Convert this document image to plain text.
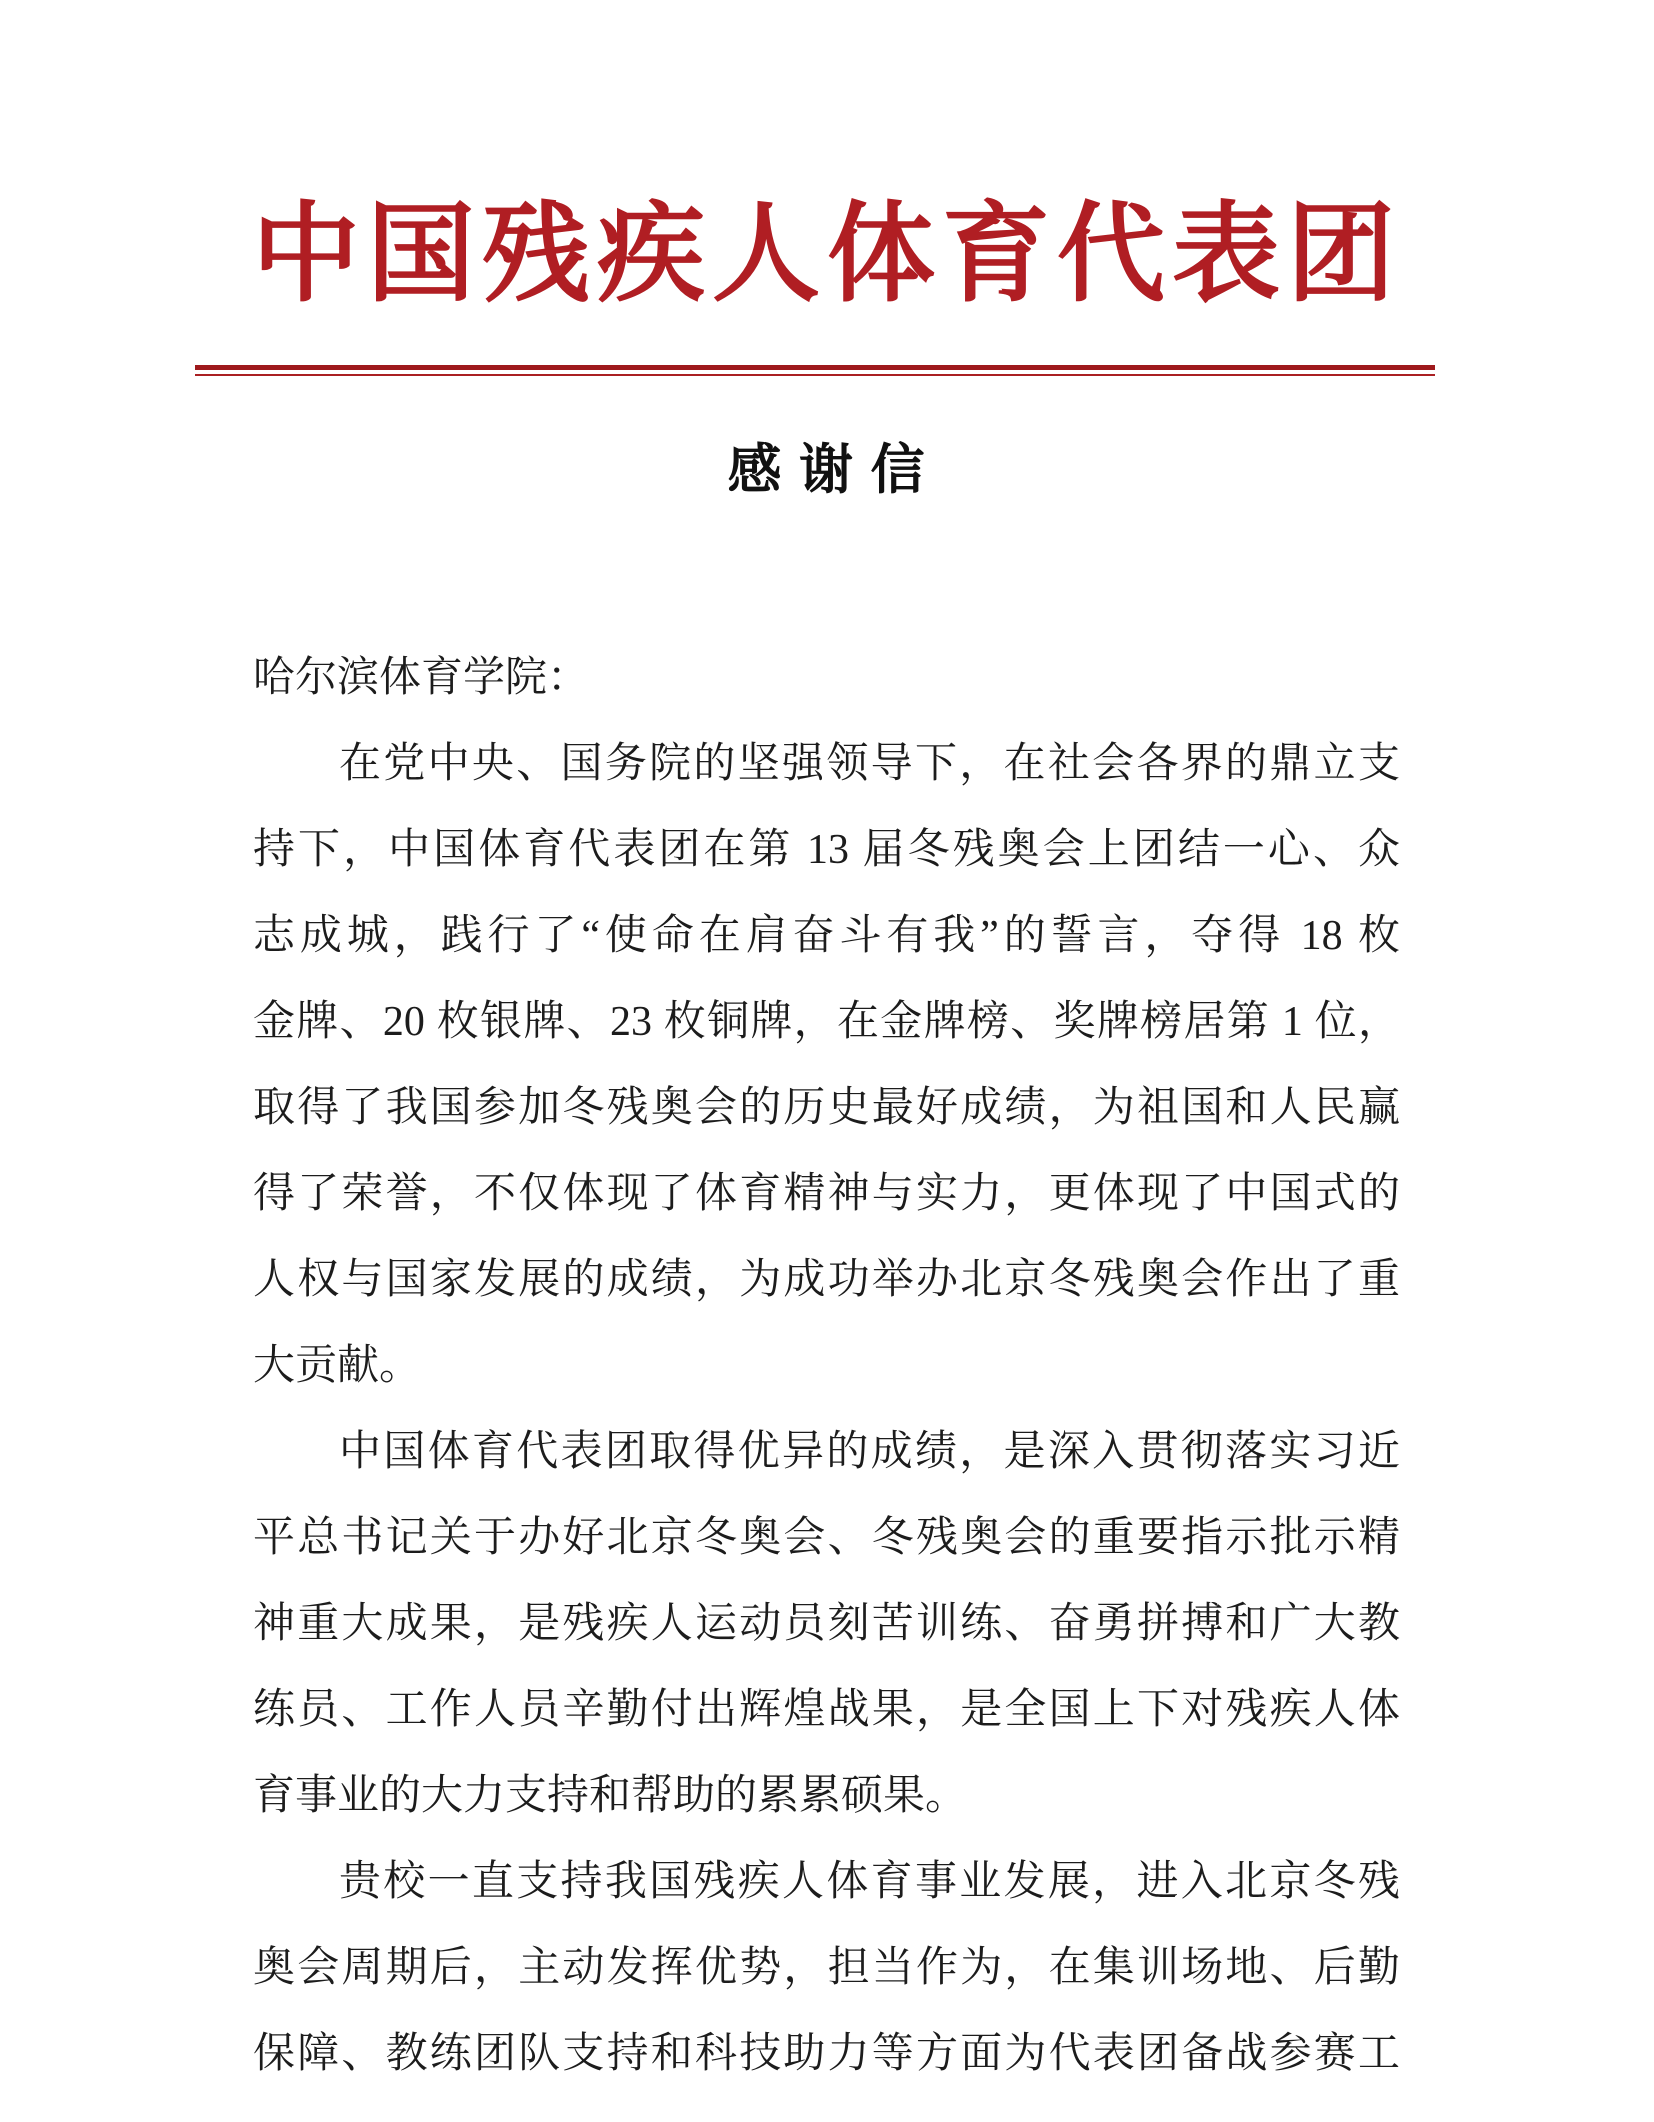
中国残疾人体育代表团
感 谢 信
哈尔滨体育学院：
在党中央、国务院的坚强领导下，在社会各界的鼎立支
持下，中国体育代表团在第 13 届冬残奥会上团结一心、众
志成城，践行了“使命在肩奋斗有我”的誓言，夺得 18 枚
金牌、20 枚银牌、23 枚铜牌，在金牌榜、奖牌榜居第 1 位，
取得了我国参加冬残奥会的历史最好成绩，为祖国和人民赢
得了荣誉，不仅体现了体育精神与实力，更体现了中国式的
人权与国家发展的成绩，为成功举办北京冬残奥会作出了重
大贡献。
中国体育代表团取得优异的成绩，是深入贯彻落实习近
平总书记关于办好北京冬奥会、冬残奥会的重要指示批示精
神重大成果，是残疾人运动员刻苦训练、奋勇拼搏和广大教
练员、工作人员辛勤付出辉煌战果，是全国上下对残疾人体
育事业的大力支持和帮助的累累硕果。
贵校一直支持我国残疾人体育事业发展，进入北京冬残
奥会周期后，主动发挥优势，担当作为，在集训场地、后勤
保障、教练团队支持和科技助力等方面为代表团备战参赛工
